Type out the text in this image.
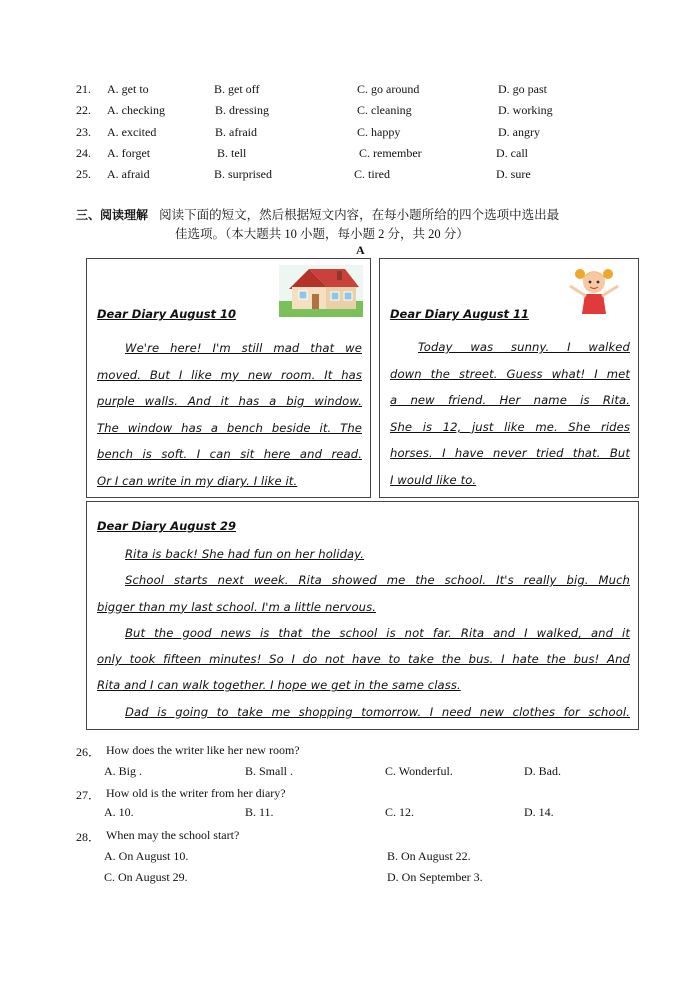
21. A. get to	B. get off	C. go around	D. go past
22. A. checking	B. dressing	C. cleaning	D. working
23. A. excited	B. afraid	C. happy	D. angry
24. A. forget	B. tell	C. remember	D. call
25. A. afraid	B. surprised	C. tired	D. sure
三、阅读理解 阅读下面的短文，然后根据短文内容，在每小题所给的四个选项中选出最
佳选项。（本大题共 10 小题，每小题 2 分，共 20 分）
A
Dear Diary August 10

We're here! I'm still mad that we

moved. But I like my new room. It has

purple walls. And it has a big window.

The window has a bench beside it. The

bench is soft. I can sit here and read.

Or I can write in my diary. I like it.

Dear Diary August 11

Today was sunny. I walked

down the street. Guess what! I met

a new friend. Her name is Rita.

She is 12, just like me. She rides

horses. I have never tried that. But

I would like to.

Dear Diary August 29

Rita is back! She had fun on her holiday.

School starts next week. Rita showed me the school. It's really big. Much

bigger than my last school. I'm a little nervous.

But the good news is that the school is not far. Rita and I walked, and it

only took fifteen minutes! So I do not have to take the bus. I hate the bus! And

Rita and I can walk together. I hope we get in the same class.

Dad is going to take me shopping tomorrow. I need new clothes for school.

26． How does the writer like her new room?
A. Big .	B. Small .	C. Wonderful.	D. Bad.
27． How old is the writer from her diary?
A. 10.	B. 11.	C. 12.	D. 14.
28． When may the school start?
A. On August 10.	B. On August 22.
C. On August 29.	D. On September 3.
